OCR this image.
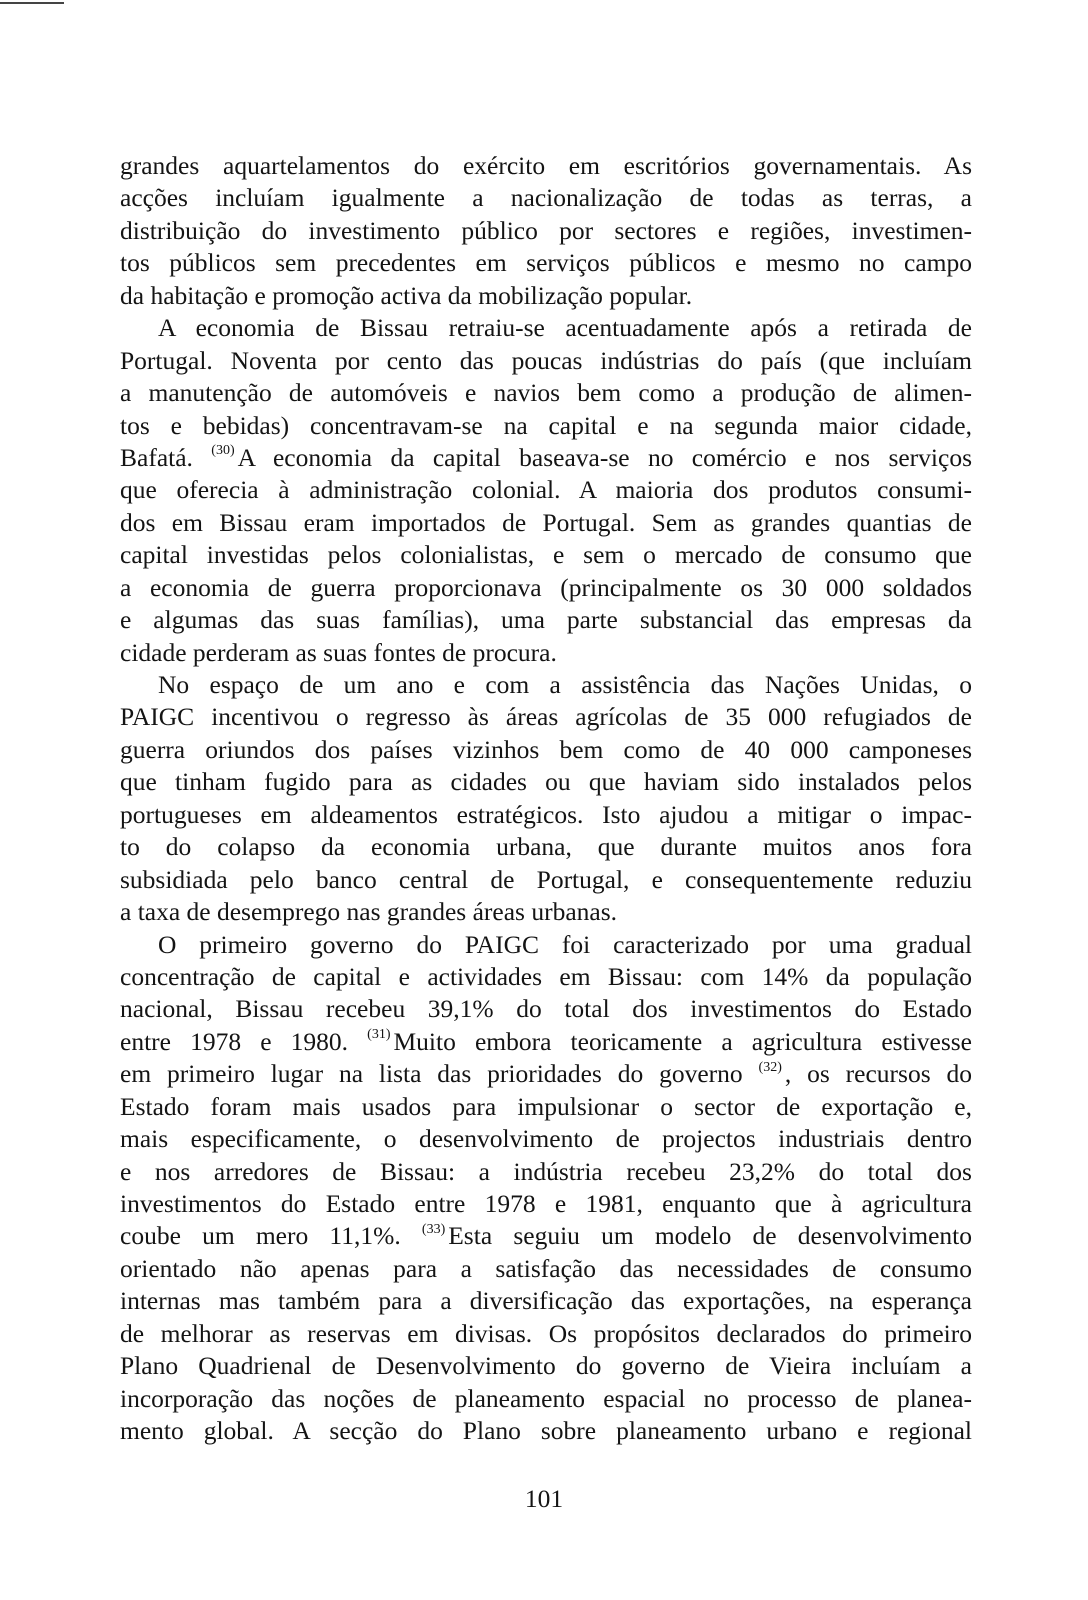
grandes aquartelamentos do exército em escritórios governamentais. As
acções incluíam igualmente a nacionalização de todas as terras, a
distribuição do investimento público por sectores e regiões, investimen-
tos públicos sem precedentes em serviços públicos e mesmo no campo
da habitação e promoção activa da mobilização popular.
A economia de Bissau retraiu-se acentuadamente após a retirada de
Portugal. Noventa por cento das poucas indústrias do país (que incluíam
a manutenção de automóveis e navios bem como a produção de alimen-
tos e bebidas) concentravam-se na capital e na segunda maior cidade,
Bafatá. $^{(30)}$ A economia da capital baseava-se no comércio e nos serviços
que oferecia à administração colonial. A maioria dos produtos consumi-
dos em Bissau eram importados de Portugal. Sem as grandes quantias de
capital investidas pelos colonialistas, e sem o mercado de consumo que
a economia de guerra proporcionava (principalmente os 30 000 soldados
e algumas das suas famílias), uma parte substancial das empresas da
cidade perderam as suas fontes de procura.
No espaço de um ano e com a assistência das Nações Unidas, o
PAIGC incentivou o regresso às áreas agrícolas de 35 000 refugiados de
guerra oriundos dos países vizinhos bem como de 40 000 camponeses
que tinham fugido para as cidades ou que haviam sido instalados pelos
portugueses em aldeamentos estratégicos. Isto ajudou a mitigar o impac-
to do colapso da economia urbana, que durante muitos anos fora
subsidiada pelo banco central de Portugal, e consequentemente reduziu
a taxa de desemprego nas grandes áreas urbanas.
O primeiro governo do PAIGC foi caracterizado por uma gradual
concentração de capital e actividades em Bissau: com 14% da população
nacional, Bissau recebeu 39,1% do total dos investimentos do Estado
entre 1978 e 1980. $^{(31)}$ Muito embora teoricamente a agricultura estivesse
em primeiro lugar na lista das prioridades do governo $^{(32)}$ , os recursos do
Estado foram mais usados para impulsionar o sector de exportação e,
mais especificamente, o desenvolvimento de projectos industriais dentro
e nos arredores de Bissau: a indústria recebeu 23,2% do total dos
investimentos do Estado entre 1978 e 1981, enquanto que à agricultura
coube um mero 11,1%. $^{(33)}$ Esta seguiu um modelo de desenvolvimento
orientado não apenas para a satisfação das necessidades de consumo
internas mas também para a diversificação das exportações, na esperança
de melhorar as reservas em divisas. Os propósitos declarados do primeiro
Plano Quadrienal de Desenvolvimento do governo de Vieira incluíam a
incorporação das noções de planeamento espacial no processo de planea-
mento global. A secção do Plano sobre planeamento urbano e regional
101
